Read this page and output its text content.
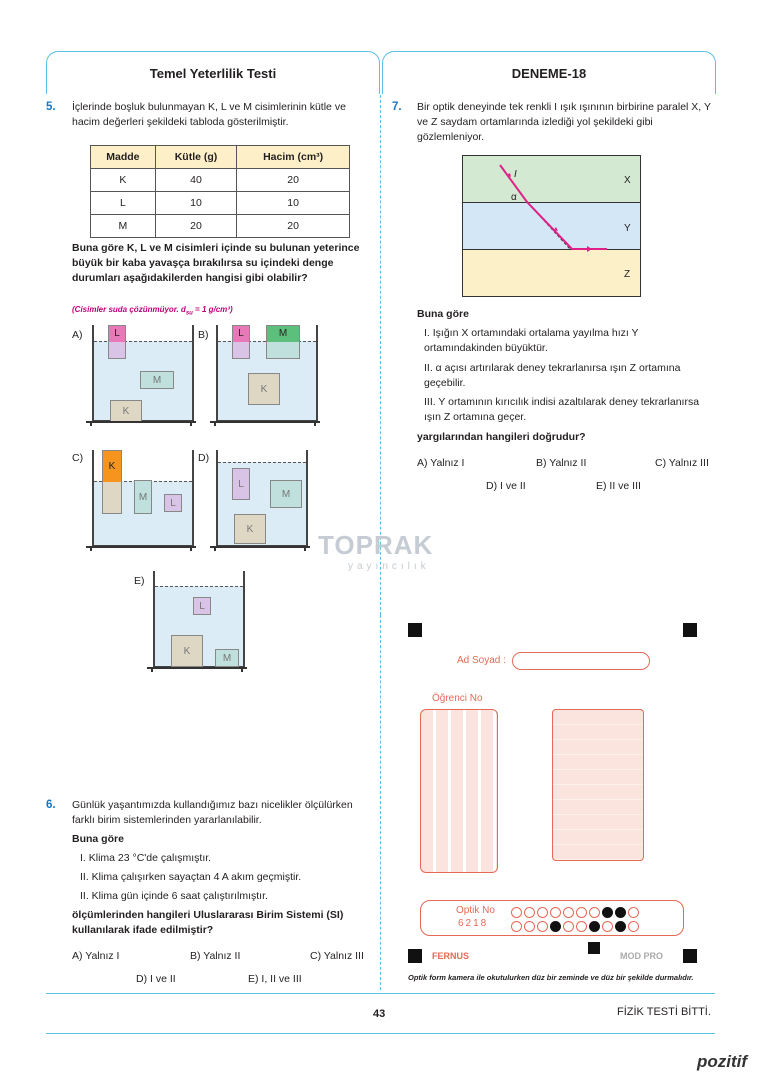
Temel Yeterlilik Testi	DENEME-18
5. İçlerinde boşluk bulunmayan K, L ve M cisimlerinin kütle ve hacim değerleri şekildeki tabloda gösterilmiştir.
Madde	Kütle (g)	Hacim (cm³)
K	40	20
L	10	10
M	20	20
Buna göre K, L ve M cisimleri içinde su bulunan yeterince büyük bir kaba yavaşça bırakılırsa su içindeki denge durumları aşağıdakilerden hangisi gibi olabilir?
(Cisimler suda çözünmüyor. $d_{su} = 1$ g/cm³)
A)	L
M
K
B)	L	M
K
C)
K
M
L
D)
L
M
K
E)
L
K
M
TOPRAK
yayıncılık
6. Günlük yaşantımızda kullandığımız bazı nicelikler ölçülürken farklı birim sistemlerinden yararlanılabilir.
Buna göre
I. Klima 23 °C'de çalışmıştır.
II. Klima çalışırken sayaçtan 4 A akım geçmiştir.
II. Klima gün içinde 6 saat çalıştırılmıştır.
ölçümlerinden hangileri Uluslararası Birim Sistemi (SI) kullanılarak ifade edilmiştir?
A) Yalnız I	B) Yalnız II	C) Yalnız III
D) I ve II	E) I, II ve III
7. Bir optik deneyinde tek renkli I ışık ışınının birbirine paralel X, Y ve Z saydam ortamlarında izlediği yol şekildeki gibi gözlemleniyor.
I
α
X
Y
Z
Buna göre
I. Işığın X ortamındaki ortalama yayılma hızı Y ortamındakinden büyüktür.
II. α açısı artırılarak deney tekrarlanırsa ışın Z ortamına geçebilir.
III. Y ortamının kırıcılık indisi azaltılarak deney tekrarlanırsa ışın Z ortamına geçer.
yargılarından hangileri doğrudur?
A) Yalnız I	B) Yalnız II	C) Yalnız III
D) I ve II	E) II ve III
Ad Soyad :
Öğrenci No
Optik No
6218
FERNUS	MOD PRO
Optik form kamera ile okutulurken düz bir zeminde ve düz bir şekilde durmalıdır.
43	FİZİK TESTİ BİTTİ.
pozitif
